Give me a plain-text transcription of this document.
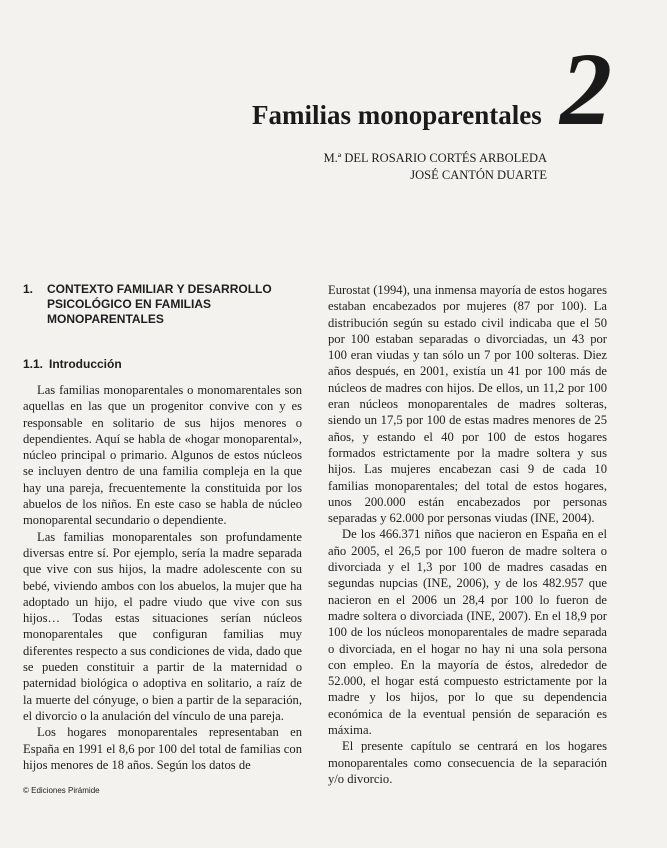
2
Familias monoparentales
M.ª DEL ROSARIO CORTÉS ARBOLEDA
JOSÉ CANTÓN DUARTE
1.	CONTEXTO FAMILIAR Y DESARROLLO PSICOLÓGICO EN FAMILIAS MONOPARENTALES
1.1. Introducción

Las familias monoparentales o monomarentales son aquellas en las que un progenitor convive con y es responsable en solitario de sus hijos menores o dependientes. Aquí se habla de «hogar monoparental», núcleo principal o primario. Algunos de estos núcleos se incluyen dentro de una familia compleja en la que hay una pareja, frecuentemente la constituida por los abuelos de los niños. En este caso se habla de núcleo monoparental secundario o dependiente.

Las familias monoparentales son profundamente diversas entre sí. Por ejemplo, sería la madre separada que vive con sus hijos, la madre adolescente con su bebé, viviendo ambos con los abuelos, la mujer que ha adoptado un hijo, el padre viudo que vive con sus hijos… Todas estas situaciones serían núcleos monoparentales que configuran familias muy diferentes respecto a sus condiciones de vida, dado que se pueden constituir a partir de la maternidad o paternidad biológica o adoptiva en solitario, a raíz de la muerte del cónyuge, o bien a partir de la separación, el divorcio o la anulación del vínculo de una pareja.

Los hogares monoparentales representaban en España en 1991 el 8,6 por 100 del total de familias con hijos menores de 18 años. Según los datos de

Eurostat (1994), una inmensa mayoría de estos hogares estaban encabezados por mujeres (87 por 100). La distribución según su estado civil indicaba que el 50 por 100 estaban separadas o divorciadas, un 43 por 100 eran viudas y tan sólo un 7 por 100 solteras. Diez años después, en 2001, existía un 41 por 100 más de núcleos de madres con hijos. De ellos, un 11,2 por 100 eran núcleos monoparentales de madres solteras, siendo un 17,5 por 100 de estas madres menores de 25 años, y estando el 40 por 100 de estos hogares formados estrictamente por la madre soltera y sus hijos. Las mujeres encabezan casi 9 de cada 10 familias monoparentales; del total de estos hogares, unos 200.000 están encabezados por personas separadas y 62.000 por personas viudas (INE, 2004).

De los 466.371 niños que nacieron en España en el año 2005, el 26,5 por 100 fueron de madre soltera o divorciada y el 1,3 por 100 de madres casadas en segundas nupcias (INE, 2006), y de los 482.957 que nacieron en el 2006 un 28,4 por 100 lo fueron de madre soltera o divorciada (INE, 2007). En el 18,9 por 100 de los núcleos monoparentales de madre separada o divorciada, en el hogar no hay ni una sola persona con empleo. En la mayoría de éstos, alrededor de 52.000, el hogar está compuesto estrictamente por la madre y los hijos, por lo que su dependencia económica de la eventual pensión de separación es máxima.

El presente capítulo se centrará en los hogares monoparentales como consecuencia de la separación y/o divorcio.

© Ediciones Pirámide
